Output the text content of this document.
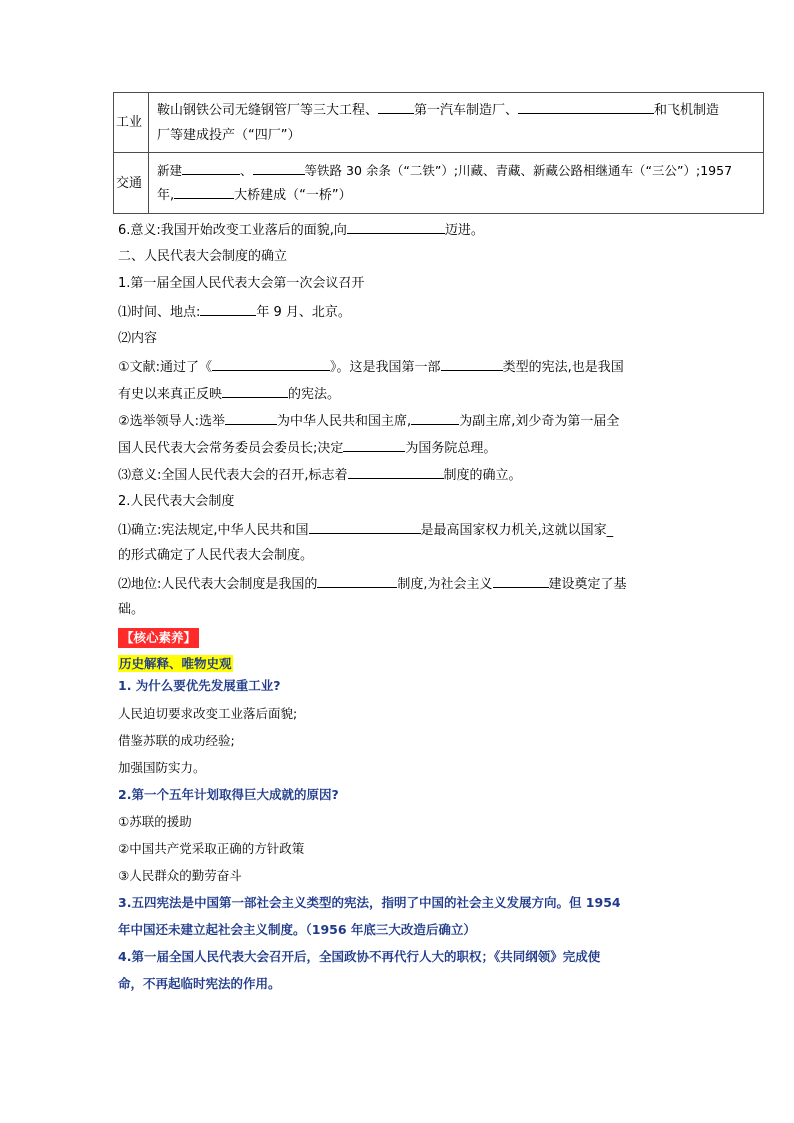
工业	鞍山钢铁公司无缝钢管厂等三大工程、 第一汽车制造厂、 和飞机制造
厂等建成投产（“四厂”）

交通	新建 、 等铁路 30 余条（“二铁”）;川藏、青藏、新藏公路相继通车（“三公”）;1957
年, 大桥建成（“一桥”）
6.意义:我国开始改变工业落后的面貌,向	迈进。
二、人民代表大会制度的确立
1.第一届全国人民代表大会第一次会议召开
⑴时间、地点:	年 9 月、北京。
⑵内容
①文献:通过了《	》。这是我国第一部	类型的宪法,也是我国
有史以来真正反映	的宪法。
②选举领导人:选举	为中华人民共和国主席,	为副主席,刘少奇为第一届全
国人民代表大会常务委员会委员长;决定	为国务院总理。
⑶意义:全国人民代表大会的召开,标志着	制度的确立。
2.人民代表大会制度
⑴确立:宪法规定,中华人民共和国	是最高国家权力机关,这就以国家_
的形式确定了人民代表大会制度。
⑵地位:人民代表大会制度是我国的	制度,为社会主义	建设奠定了基
础。
【核心素养】
历史解释、唯物史观
1. 为什么要优先发展重工业?
人民迫切要求改变工业落后面貌;
借鉴苏联的成功经验;
加强国防实力。
2.第一个五年计划取得巨大成就的原因?
①苏联的援助
②中国共产党采取正确的方针政策
③人民群众的勤劳奋斗
3.五四宪法是中国第一部社会主义类型的宪法，指明了中国的社会主义发展方向。但 1954
年中国还未建立起社会主义制度。（1956 年底三大改造后确立）
4.第一届全国人民代表大会召开后，全国政协不再代行人大的职权；《共同纲领》完成使
命，不再起临时宪法的作用。
